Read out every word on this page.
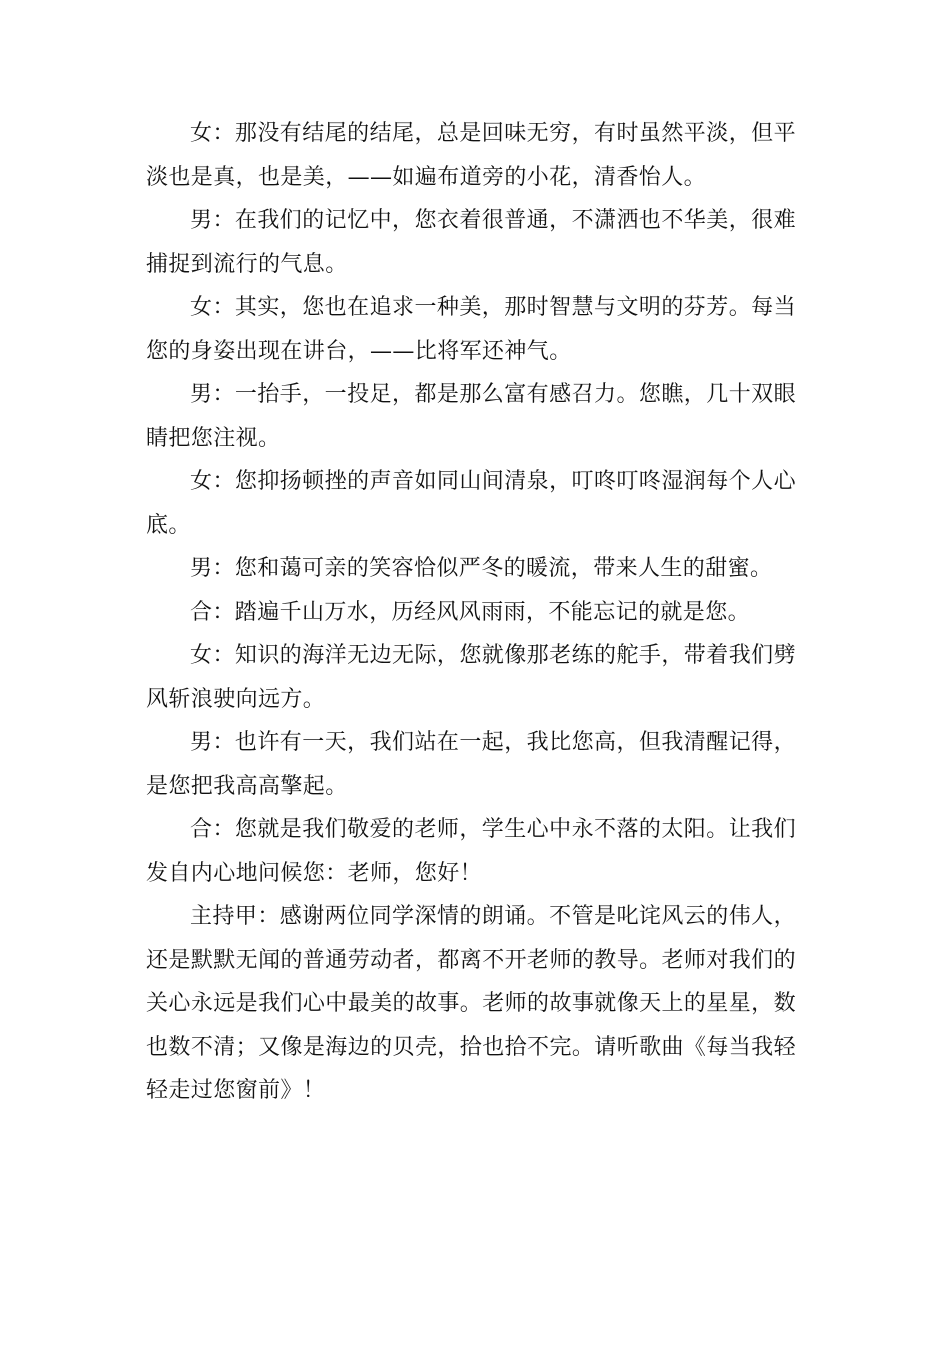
女：那没有结尾的结尾，总是回味无穷，有时虽然平淡，但平淡也是真，也是美，——如遍布道旁的小花，清香怡人。

男：在我们的记忆中，您衣着很普通，不潇洒也不华美，很难捕捉到流行的气息。

女：其实，您也在追求一种美，那时智慧与文明的芬芳。每当您的身姿出现在讲台，——比将军还神气。

男：一抬手，一投足，都是那么富有感召力。您瞧，几十双眼睛把您注视。

女：您抑扬顿挫的声音如同山间清泉，叮咚叮咚湿润每个人心底。

男：您和蔼可亲的笑容恰似严冬的暖流，带来人生的甜蜜。

合：踏遍千山万水，历经风风雨雨，不能忘记的就是您。

女：知识的海洋无边无际，您就像那老练的舵手，带着我们劈风斩浪驶向远方。

男：也许有一天，我们站在一起，我比您高，但我清醒记得，是您把我高高擎起。

合：您就是我们敬爱的老师，学生心中永不落的太阳。让我们发自内心地问候您：老师，您好！

主持甲：感谢两位同学深情的朗诵。不管是叱诧风云的伟人，还是默默无闻的普通劳动者，都离不开老师的教导。老师对我们的关心永远是我们心中最美的故事。老师的故事就像天上的星星，数也数不清；又像是海边的贝壳，拾也拾不完。请听歌曲《每当我轻轻走过您窗前》！
